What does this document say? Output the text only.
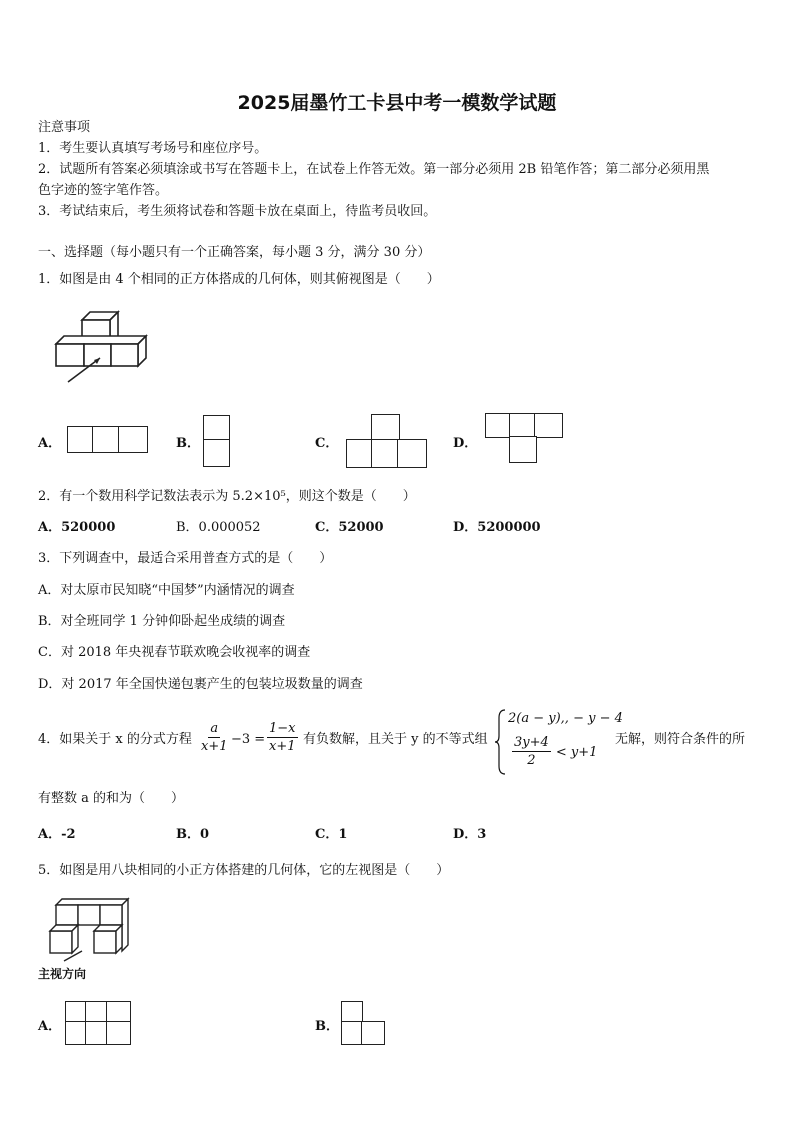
2025届墨竹工卡县中考一模数学试题
注意事项
1．考生要认真填写考场号和座位序号。
2．试题所有答案必须填涂或书写在答题卡上，在试卷上作答无效。第一部分必须用 2B 铅笔作答；第二部分必须用黑
色字迹的签字笔作答。
3．考试结束后，考生须将试卷和答题卡放在桌面上，待监考员收回。
一、选择题（每小题只有一个正确答案，每小题 3 分，满分 30 分）
1．如图是由 4 个相同的正方体搭成的几何体，则其俯视图是（　　）
A．	B．	C．	D．
2．有一个数用科学记数法表示为 5.2×10⁵，则这个数是（　　）
A．520000	B．0.000052	C．52000	D．5200000
3．下列调查中，最适合采用普查方式的是（　　）
A．对太原市民知晓“中国梦”内涵情况的调查
B．对全班同学 1 分钟仰卧起坐成绩的调查
C．对 2018 年央视春节联欢晚会收视率的调查
D．对 2017 年全国快递包裹产生的包装垃圾数量的调查
4．如果关于 x 的分式方程 $\frac{a}{x+1} -3 = \frac{1-x}{x+1}$ 有负数解，且关于 y 的不等式组
2(a − y),, − y − 4
$\frac{3y+4}{2} < y+1$
无解，则符合条件的所
有整数 a 的和为（　　）
A．-2	B．0	C．1	D．3
5．如图是用八块相同的小正方体搭建的几何体，它的左视图是（　　）
主视方向
A．	B．
